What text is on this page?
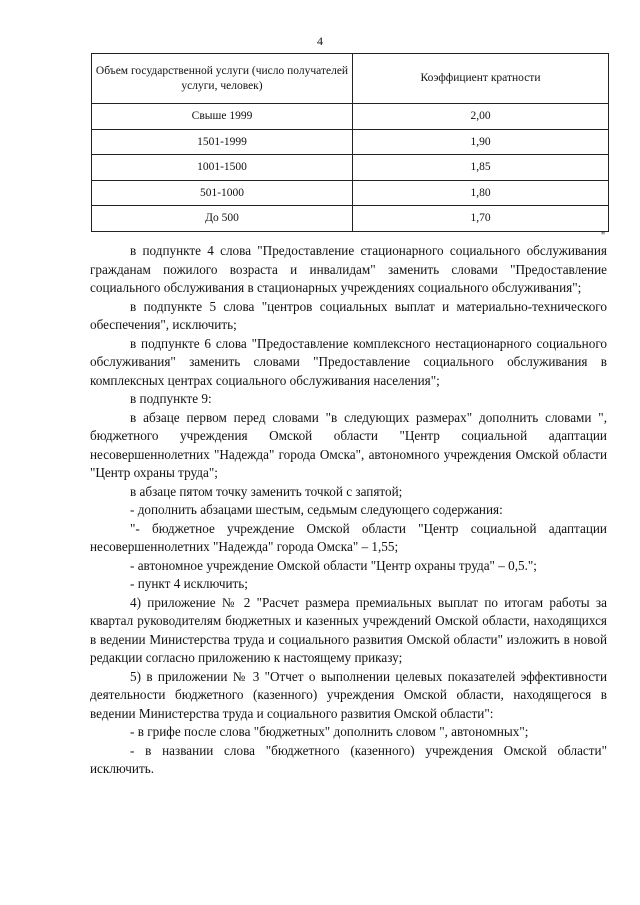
4
Объем государственной услуги (число получателей услуги, человек)	Коэффициент кратности
Свыше 1999	2,00
1501-1999	1,90
1001-1500	1,85
501-1000	1,80
До 500	1,70
"

в подпункте 4 слова "Предоставление стационарного социального обслуживания гражданам пожилого возраста и инвалидам" заменить словами "Предоставление социального обслуживания в стационарных учреждениях социального обслуживания";

в подпункте 5 слова "центров социальных выплат и материально-технического обеспечения", исключить;

в подпункте 6 слова "Предоставление комплексного нестационарного социального обслуживания" заменить словами "Предоставление социального обслуживания в комплексных центрах социального обслуживания населения";

в подпункте 9:

в абзаце первом перед словами "в следующих размерах" дополнить словами ", бюджетного учреждения Омской области "Центр социальной адаптации несовершеннолетних "Надежда" города Омска", автономного учреждения Омской области "Центр охраны труда";

в абзаце пятом точку заменить точкой с запятой;

- дополнить абзацами шестым, седьмым следующего содержания:

"- бюджетное учреждение Омской области "Центр социальной адаптации несовершеннолетних "Надежда" города Омска" – 1,55;

- автономное учреждение Омской области "Центр охраны труда" – 0,5.";

- пункт 4 исключить;

4) приложение № 2 "Расчет размера премиальных выплат по итогам работы за квартал руководителям бюджетных и казенных учреждений Омской области, находящихся в ведении Министерства труда и социального развития Омской области" изложить в новой редакции согласно приложению к настоящему приказу;

5) в приложении № 3 "Отчет о выполнении целевых показателей эффективности деятельности бюджетного (казенного) учреждения Омской области, находящегося в ведении Министерства труда и социального развития Омской области":

- в грифе после слова "бюджетных" дополнить словом ", автономных";

- в названии слова "бюджетного (казенного) учреждения Омской области" исключить.
